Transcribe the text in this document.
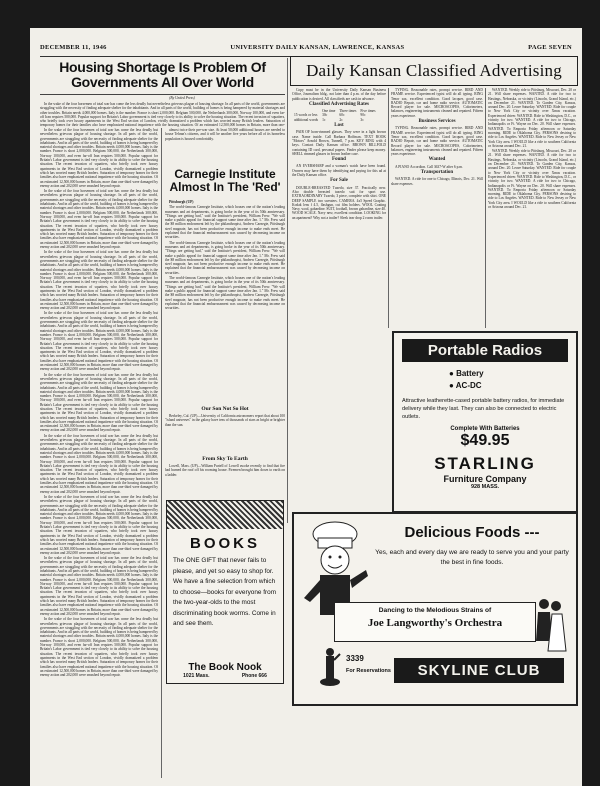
DECEMBER 11, 1946	UNIVERSITY DAILY KANSAN, LAWRENCE, KANSAS	PAGE SEVEN
Housing Shortage Is Problem Of Governments All Over World
(By United Press)

In the wake of the four horsemen of total war has come the less deadly but nevertheless grievous plague of housing shortage. In all parts of the world, governments are struggling with the necessity of finding adequate shelter for the inhabitants. And in all parts of the world, building of homes is being hampered by material shortages and other troubles. Britain needs 4,000,000 homes. Italy is the number. France is short 2,000,000. Belgium 500,000, the Netherlands 300,000, Norway 100,000, and even far-off Iran requires 500,000. Popular support for Britain's Labor government is tied very closely to its ability to solve the housing situation. The recent invasion of squatters, who briefly took over luxury apartments in the West End section of London, vividly dramatized a problem which has worried many British leaders. Saturation of temporary homes for their families also have emphasized national impatience with the housing situation. Of an estimated 12,500,000 homes in Britain, more than one-

In the wake of the four horsemen of total war has come the less deadly but nevertheless grievous plague of housing shortage. In all parts of the world, governments are struggling with the necessity of finding adequate shelter for the inhabitants. And in all parts of the world, building of homes is being hampered by material shortages and other troubles. Britain needs 4,000,000 homes. Italy is the number. France is short 2,000,000. Belgium 500,000, the Netherlands 300,000, Norway 100,000, and even far-off Iran requires 500,000. Popular support for Britain's Labor government is tied very closely to its ability to solve the housing situation. The recent invasion of squatters, who briefly took over luxury apartments in the West End section of London, vividly dramatized a problem which has worried many British leaders. Saturation of temporary homes for their families also have emphasized national impatience with the housing situation. Of an estimated 12,500,000 homes in Britain, more than one-third were damaged by enemy action and 202,000 were smashed beyond repair.

In the wake of the four horsemen of total war has come the less deadly but nevertheless grievous plague of housing shortage. In all parts of the world, governments are struggling with the necessity of finding adequate shelter for the inhabitants. And in all parts of the world, building of homes is being hampered by material shortages and other troubles. Britain needs 4,000,000 homes. Italy is the number. France is short 2,000,000. Belgium 500,000, the Netherlands 300,000, Norway 100,000, and even far-off Iran requires 500,000. Popular support for Britain's Labor government is tied very closely to its ability to solve the housing situation. The recent invasion of squatters, who briefly took over luxury apartments in the West End section of London, vividly dramatized a problem which has worried many British leaders. Saturation of temporary homes for their families also have emphasized national impatience with the housing situation. Of an estimated 12,500,000 homes in Britain, more than one-third were damaged by enemy action and 202,000 were smashed beyond repair.

In the wake of the four horsemen of total war has come the less deadly but nevertheless grievous plague of housing shortage. In all parts of the world, governments are struggling with the necessity of finding adequate shelter for the inhabitants. And in all parts of the world, building of homes is being hampered by material shortages and other troubles. Britain needs 4,000,000 homes. Italy is the number. France is short 2,000,000. Belgium 500,000, the Netherlands 300,000, Norway 100,000, and even far-off Iran requires 500,000. Popular support for Britain's Labor government is tied very closely to its ability to solve the housing situation. The recent invasion of squatters, who briefly took over luxury apartments in the West End section of London, vividly dramatized a problem which has worried many British leaders. Saturation of temporary homes for their families also have emphasized national impatience with the housing situation. Of an estimated 12,500,000 homes in Britain, more than one-third were damaged by enemy action and 202,000 were smashed beyond repair.

In the wake of the four horsemen of total war has come the less deadly but nevertheless grievous plague of housing shortage. In all parts of the world, governments are struggling with the necessity of finding adequate shelter for the inhabitants. And in all parts of the world, building of homes is being hampered by material shortages and other troubles. Britain needs 4,000,000 homes. Italy is the number. France is short 2,000,000. Belgium 500,000, the Netherlands 300,000, Norway 100,000, and even far-off Iran requires 500,000. Popular support for Britain's Labor government is tied very closely to its ability to solve the housing situation. The recent invasion of squatters, who briefly took over luxury apartments in the West End section of London, vividly dramatized a problem which has worried many British leaders. Saturation of temporary homes for their families also have emphasized national impatience with the housing situation. Of an estimated 12,500,000 homes in Britain, more than one-third were damaged by enemy action and 202,000 were smashed beyond repair.

In the wake of the four horsemen of total war has come the less deadly but nevertheless grievous plague of housing shortage. In all parts of the world, governments are struggling with the necessity of finding adequate shelter for the inhabitants. And in all parts of the world, building of homes is being hampered by material shortages and other troubles. Britain needs 4,000,000 homes. Italy is the number. France is short 2,000,000. Belgium 500,000, the Netherlands 300,000, Norway 100,000, and even far-off Iran requires 500,000. Popular support for Britain's Labor government is tied very closely to its ability to solve the housing situation. The recent invasion of squatters, who briefly took over luxury apartments in the West End section of London, vividly dramatized a problem which has worried many British leaders. Saturation of temporary homes for their families also have emphasized national impatience with the housing situation. Of an estimated 12,500,000 homes in Britain, more than one-third were damaged by enemy action and 202,000 were smashed beyond repair.

In the wake of the four horsemen of total war has come the less deadly but nevertheless grievous plague of housing shortage. In all parts of the world, governments are struggling with the necessity of finding adequate shelter for the inhabitants. And in all parts of the world, building of homes is being hampered by material shortages and other troubles. Britain needs 4,000,000 homes. Italy is the number. France is short 2,000,000. Belgium 500,000, the Netherlands 300,000, Norway 100,000, and even far-off Iran requires 500,000. Popular support for Britain's Labor government is tied very closely to its ability to solve the housing situation. The recent invasion of squatters, who briefly took over luxury apartments in the West End section of London, vividly dramatized a problem which has worried many British leaders. Saturation of temporary homes for their families also have emphasized national impatience with the housing situation. Of an estimated 12,500,000 homes in Britain, more than one-third were damaged by enemy action and 202,000 were smashed beyond repair.

In the wake of the four horsemen of total war has come the less deadly but nevertheless grievous plague of housing shortage. In all parts of the world, governments are struggling with the necessity of finding adequate shelter for the inhabitants. And in all parts of the world, building of homes is being hampered by material shortages and other troubles. Britain needs 4,000,000 homes. Italy is the number. France is short 2,000,000. Belgium 500,000, the Netherlands 300,000, Norway 100,000, and even far-off Iran requires 500,000. Popular support for Britain's Labor government is tied very closely to its ability to solve the housing situation. The recent invasion of squatters, who briefly took over luxury apartments in the West End section of London, vividly dramatized a problem which has worried many British leaders. Saturation of temporary homes for their families also have emphasized national impatience with the housing situation. Of an estimated 12,500,000 homes in Britain, more than one-third were damaged by enemy action and 202,000 were smashed beyond repair.

In the wake of the four horsemen of total war has come the less deadly but nevertheless grievous plague of housing shortage. In all parts of the world, governments are struggling with the necessity of finding adequate shelter for the inhabitants. And in all parts of the world, building of homes is being hampered by material shortages and other troubles. Britain needs 4,000,000 homes. Italy is the number. France is short 2,000,000. Belgium 500,000, the Netherlands 300,000, Norway 100,000, and even far-off Iran requires 500,000. Popular support for Britain's Labor government is tied very closely to its ability to solve the housing situation. The recent invasion of squatters, who briefly took over luxury apartments in the West End section of London, vividly dramatized a problem which has worried many British leaders. Saturation of temporary homes for their families also have emphasized national impatience with the housing situation. Of an estimated 12,500,000 homes in Britain, more than one-third were damaged by enemy action and 202,000 were smashed beyond repair.

In the wake of the four horsemen of total war has come the less deadly but nevertheless grievous plague of housing shortage. In all parts of the world, governments are struggling with the necessity of finding adequate shelter for the inhabitants. And in all parts of the world, building of homes is being hampered by material shortages and other troubles. Britain needs 4,000,000 homes. Italy is the number. France is short 2,000,000. Belgium 500,000, the Netherlands 300,000, Norway 100,000, and even far-off Iran requires 500,000. Popular support for Britain's Labor government is tied very closely to its ability to solve the housing situation. The recent invasion of squatters, who briefly took over luxury apartments in the West End section of London, vividly dramatized a problem which has worried many British leaders. Saturation of temporary homes for their families also have emphasized national impatience with the housing situation. Of an estimated 12,500,000 homes in Britain, more than one-third were damaged by enemy action and 202,000 were smashed beyond repair.

almost twice their pre-war size. At least 50,000 additional houses are needed to house Tehran's citizens, and it will be another five years before all of its homeless population is housed comfortably.

Carnegie Institute Almost In The 'Red'

Pittsburgh (UP)

The world-famous Carnegie Institute, which houses one of the nation's leading museums and art departments, is going broke in the year of its 50th anniversary. "Things are getting bad," said the Institute's president, William Frew. "We will make a public appeal for financial support some time after Jan. 1." Mr. Frew said the $8 million endowment left by the philanthropist, Andrew Carnegie, Pittsburgh steel magnate, has not been productive enough income to make ends meet. He explained that the financial embarrassment was caused by decreasing income on securities.

The world-famous Carnegie Institute, which houses one of the nation's leading museums and art departments, is going broke in the year of its 50th anniversary. "Things are getting bad," said the Institute's president, William Frew. "We will make a public appeal for financial support some time after Jan. 1." Mr. Frew said the $8 million endowment left by the philanthropist, Andrew Carnegie, Pittsburgh steel magnate, has not been productive enough income to make ends meet. He explained that the financial embarrassment was caused by decreasing income on securities.

The world-famous Carnegie Institute, which houses one of the nation's leading museums and art departments, is going broke in the year of its 50th anniversary. "Things are getting bad," said the Institute's president, William Frew. "We will make a public appeal for financial support some time after Jan. 1." Mr. Frew said the $8 million endowment left by the philanthropist, Andrew Carnegie, Pittsburgh steel magnate, has not been productive enough income to make ends meet. He explained that the financial embarrassment was caused by decreasing income on securities.

Our Son Not So Hot

Berkeley, Cal. (UP)—University of California astronomers report that about 100 "island universes" in the galaxy have tens of thousands of stars as bright or brighter than the sun.

From Sky To Earth

Lowell, Mass. (UP)—William Purtell of Lowell awoke recently to find that fire had burned the roof off his rooming house. Firemen brought him down to earth on a ladder.

BOOKS
The ONE GIFT that never fails to please, and yet so easy to shop for. We have a fine selection from which to choose—books for everyone from the two-year-olds to the most discriminating book worms. Come in and see them.
The Book Nook
1021 Mass.	Phone 666
Daily Kansan Classified Advertising

Copy must be in the University Daily Kansan Business Office, Journalism bldg., not later than 4 p.m. of the day before publication is desired. All classifieds are cash in advance.

Classified Advertising Rates
	One time	Three times	Five times
15 words or less	30c	60c	90c
additional words	1c	2c	3c
Lost

PAIR OF horn-rimmed glasses. They were in a light brown case. Name inside. Call Barbara Hoffman. TEXT BOOK "Motors" Arnold Brown, Tunnell, 7 p.m. KEY RING with 4 keys. Contact Daily Kansan office. BROWN BILLFOLD containing ID card, personal papers. Finder please keep money. SHELL rimmed glasses in brown leather case.

Found

AN EVERSHARP and a woman's watch have been found. Owners may have them by identifying and paying for this ad at the Daily Kansan office.

For Sale

DOUBLE-BREASTED Tuxedo, size 37. Practically new. Also double breasted tuxedo suit for sport use. EXTRAORDINARY Tuxedo, 3 piece, complete with shirt. ONE DEEP SAMPLE two sweaters. CAMERA. 4x5 Speed Graphic. Kodak lens f 4.5, flashgun, cut film holders. WOOL Coating Navy, wool, gabardine. SUIT, football, brown gabardine, size 40. WOOD SCALE. Navy new, excellent condition. LOOKING for an apartment? Why not a trailer? Sleek tear drop 2 room trailer.

TYPING. Reasonable rates, prompt service. BIRD AND FRAME service. Experienced typist will do all typing. RING Tenor sax, excellent condition. Good lacquer, good case. RADIO Repair, car and home radio service. AUTOMATIC Record player for sale. MICROSCOPES, Colorimeters, balances, engineering instruments cleaned and repaired. Fifteen years experience.

Business Services

TYPING. Reasonable rates, prompt service. BIRD AND FRAME service. Experienced typist will do all typing. RING Tenor sax, excellent condition. Good lacquer, good case. RADIO Repair, car and home radio service. AUTOMATIC Record player for sale. MICROSCOPES, Colorimeters, balances, engineering instruments cleaned and repaired. Fifteen years experience.

Wanted

A PIANO Accordion. Call 3637-W after 6 p.m.

Transportation

WANTED. A ride for one to Chicago, Illinois, Dec. 21. Will share expenses.

WANTED. Weekly ride to Pittsburg, Missouri, Dec. 20 or 21. Will share expenses. WANTED. A ride for two to Hastings, Nebraska, or vicinity (Lincoln, Grand Island, etc.) on December 21. WANTED. To Garden City, Kansas, around Dec. 20. Leave Saturday. WANTED. Ride for couple to New York City or vicinity over Xmas vacation. Experienced driver. WANTED. Ride to Washington, D.C., or vicinity for two. WANTED. A ride for two to Chicago, Indianapolis or Ft. Wayne on Dec. 20. Will share expenses. WANTED. To Emporia Friday afternoon or Saturday morning. RIDE to Oklahoma City. PERSONS desiring to ride to Los Angeles. WANTED. Ride to New Jersey or New York City area. I WOULD like a ride to southern California or Arizona around Dec. 21.

WANTED. Weekly ride to Pittsburg, Missouri, Dec. 20 or 21. Will share expenses. WANTED. A ride for two to Hastings, Nebraska, or vicinity (Lincoln, Grand Island, etc.) on December 21. WANTED. To Garden City, Kansas, around Dec. 20. Leave Saturday. WANTED. Ride for couple to New York City or vicinity over Xmas vacation. Experienced driver. WANTED. Ride to Washington, D.C., or vicinity for two. WANTED. A ride for two to Chicago, Indianapolis or Ft. Wayne on Dec. 20. Will share expenses. WANTED. To Emporia Friday afternoon or Saturday morning. RIDE to Oklahoma City. PERSONS desiring to ride to Los Angeles. WANTED. Ride to New Jersey or New York City area. I WOULD like a ride to southern California or Arizona around Dec. 21.

Portable Radios
● Battery
● AC-DC
Attractive leatherette-cased portable battery radios, for immediate delivery while they last. They can also be connected to electric outlets.
Complete With Batteries
$49.95
STARLING
Furniture Company
928 MASS.
Delicious Foods ---
Yes, each and every day we are ready to serve you and your party the best in fine foods.
Dancing to the Melodious Strains of
Joe Langworthy's Orchestra
3339
For Reservations	SKYLINE CLUB
